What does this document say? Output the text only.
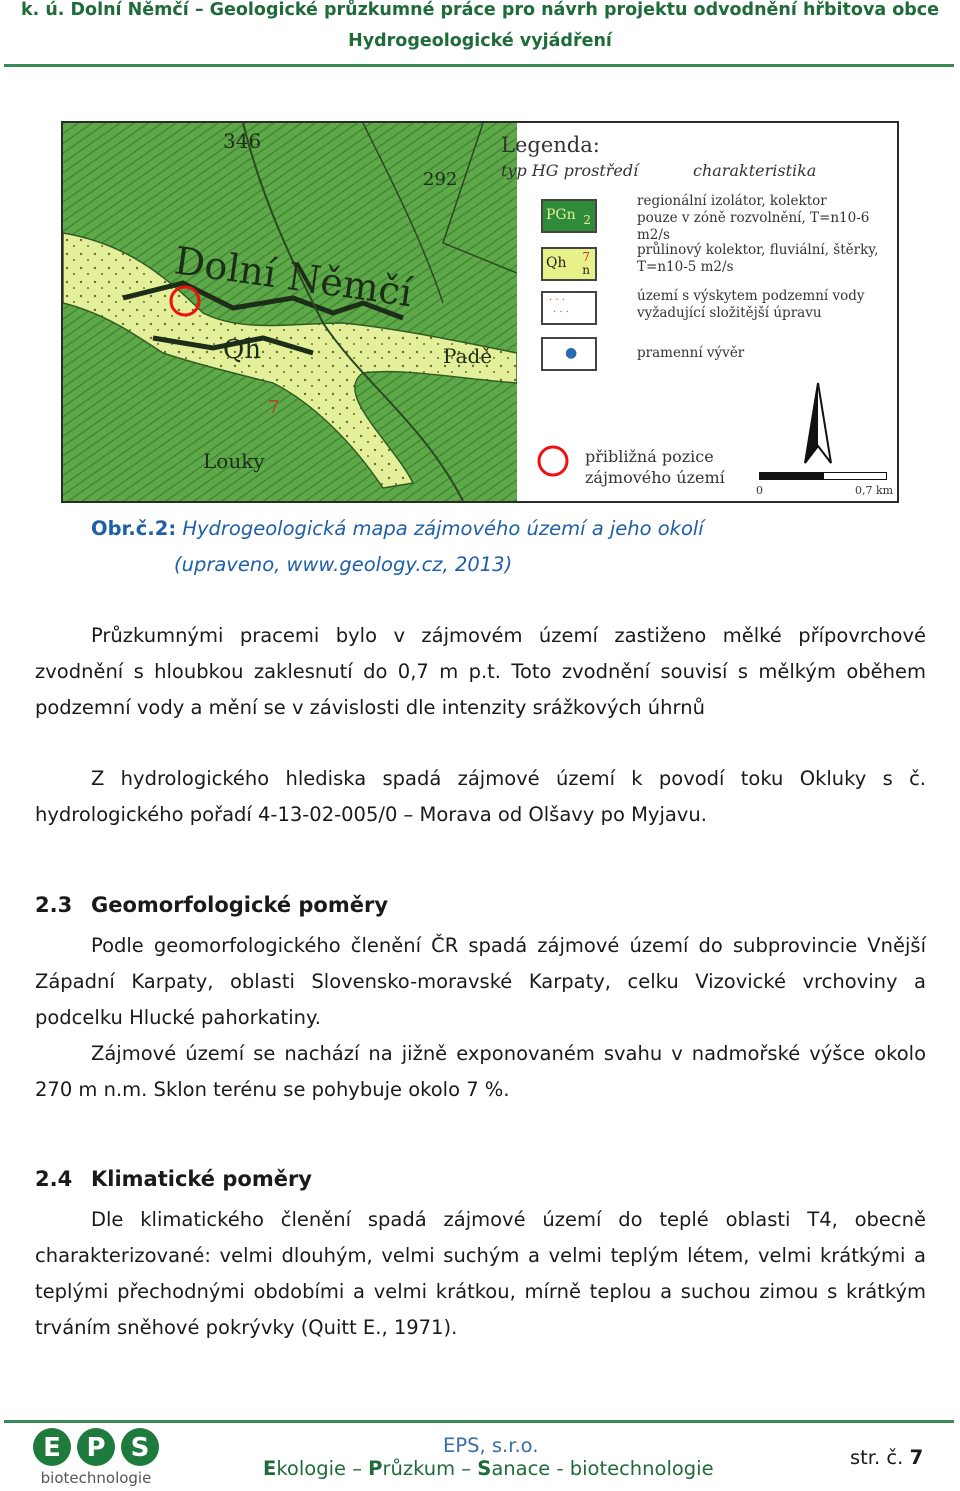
k. ú. Dolní Němčí – Geologické průzkumné práce pro návrh projektu odvodnění hřbitova obce
Hydrogeologické vyjádření
346
292
Dolní Němčí
Qh	Padě
Louky
7
Legenda:
typ HG prostředí	charakteristika
PGn 2
regionální izolátor, kolektor
pouze v zóně rozvolnění, T=n10-6 m2/s
Qh 7
n
průlinový kolektor, fluviální, štěrky,
T=n10-5 m2/s
· · ·
· · ·
území s výskytem podzemní vody
vyžadující složitější úpravu
●	pramenní vývěr
přibližná pozice
zájmového území
0	0,7 km
Obr.č.2: Hydrogeologická mapa zájmového území a jeho okolí
(upraveno, www.geology.cz, 2013)
Průzkumnými pracemi bylo v zájmovém území zastiženo mělké přípovrchové
zvodnění s hloubkou zaklesnutí do 0,7 m p.t. Toto zvodnění souvisí s mělkým oběhem
podzemní vody a mění se v závislosti dle intenzity srážkových úhrnů
Z hydrologického hlediska spadá zájmové území k povodí toku Okluky s č.
hydrologického pořadí 4-13-02-005/0 – Morava od Olšavy po Myjavu.
2.3 Geomorfologické poměry
Podle geomorfologického členění ČR spadá zájmové území do subprovincie Vnější
Západní Karpaty, oblasti Slovensko-moravské Karpaty, celku Vizovické vrchoviny a
podcelku Hlucké pahorkatiny.
Zájmové území se nachází na jižně exponovaném svahu v nadmořské výšce okolo
270 m n.m. Sklon terénu se pohybuje okolo 7 %.
2.4 Klimatické poměry
Dle klimatického členění spadá zájmové území do teplé oblasti T4, obecně
charakterizované: velmi dlouhým, velmi suchým a velmi teplým létem, velmi krátkými a
teplými přechodnými obdobími a velmi krátkou, mírně teplou a suchou zimou s krátkým
trváním sněhové pokrývky (Quitt E., 1971).
E P S
biotechnologie
EPS, s.r.o.
Ekologie – Průzkum – Sanace - biotechnologie	str. č. 7
